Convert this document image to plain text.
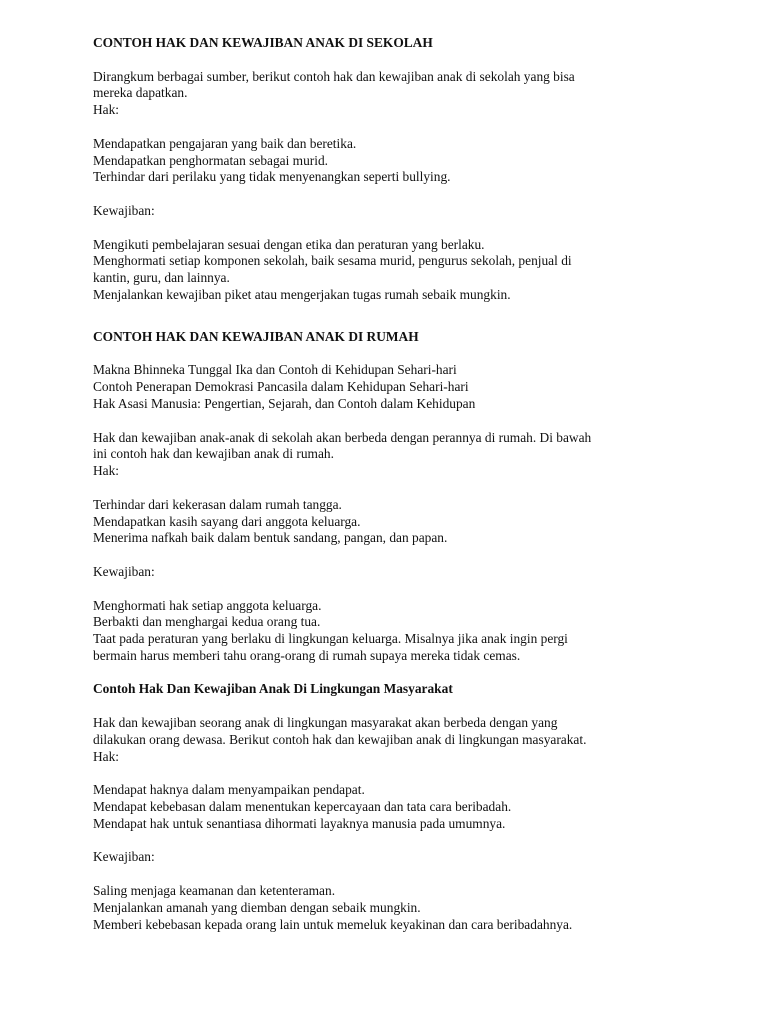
CONTOH HAK DAN KEWAJIBAN ANAK DI SEKOLAH

Dirangkum berbagai sumber, berikut contoh hak dan kewajiban anak di sekolah yang bisa

mereka dapatkan.

Hak:

Mendapatkan pengajaran yang baik dan beretika.

Mendapatkan penghormatan sebagai murid.

Terhindar dari perilaku yang tidak menyenangkan seperti bullying.

Kewajiban:

Mengikuti pembelajaran sesuai dengan etika dan peraturan yang berlaku.

Menghormati setiap komponen sekolah, baik sesama murid, pengurus sekolah, penjual di

kantin, guru, dan lainnya.

Menjalankan kewajiban piket atau mengerjakan tugas rumah sebaik mungkin.

CONTOH HAK DAN KEWAJIBAN ANAK DI RUMAH

Makna Bhinneka Tunggal Ika dan Contoh di Kehidupan Sehari-hari

Contoh Penerapan Demokrasi Pancasila dalam Kehidupan Sehari-hari

Hak Asasi Manusia: Pengertian, Sejarah, dan Contoh dalam Kehidupan

Hak dan kewajiban anak-anak di sekolah akan berbeda dengan perannya di rumah. Di bawah

ini contoh hak dan kewajiban anak di rumah.

Hak:

Terhindar dari kekerasan dalam rumah tangga.

Mendapatkan kasih sayang dari anggota keluarga.

Menerima nafkah baik dalam bentuk sandang, pangan, dan papan.

Kewajiban:

Menghormati hak setiap anggota keluarga.

Berbakti dan menghargai kedua orang tua.

Taat pada peraturan yang berlaku di lingkungan keluarga. Misalnya jika anak ingin pergi

bermain harus memberi tahu orang-orang di rumah supaya mereka tidak cemas.

Contoh Hak Dan Kewajiban Anak Di Lingkungan Masyarakat

Hak dan kewajiban seorang anak di lingkungan masyarakat akan berbeda dengan yang

dilakukan orang dewasa. Berikut contoh hak dan kewajiban anak di lingkungan masyarakat.

Hak:

Mendapat haknya dalam menyampaikan pendapat.

Mendapat kebebasan dalam menentukan kepercayaan dan tata cara beribadah.

Mendapat hak untuk senantiasa dihormati layaknya manusia pada umumnya.

Kewajiban:

Saling menjaga keamanan dan ketenteraman.

Menjalankan amanah yang diemban dengan sebaik mungkin.

Memberi kebebasan kepada orang lain untuk memeluk keyakinan dan cara beribadahnya.
